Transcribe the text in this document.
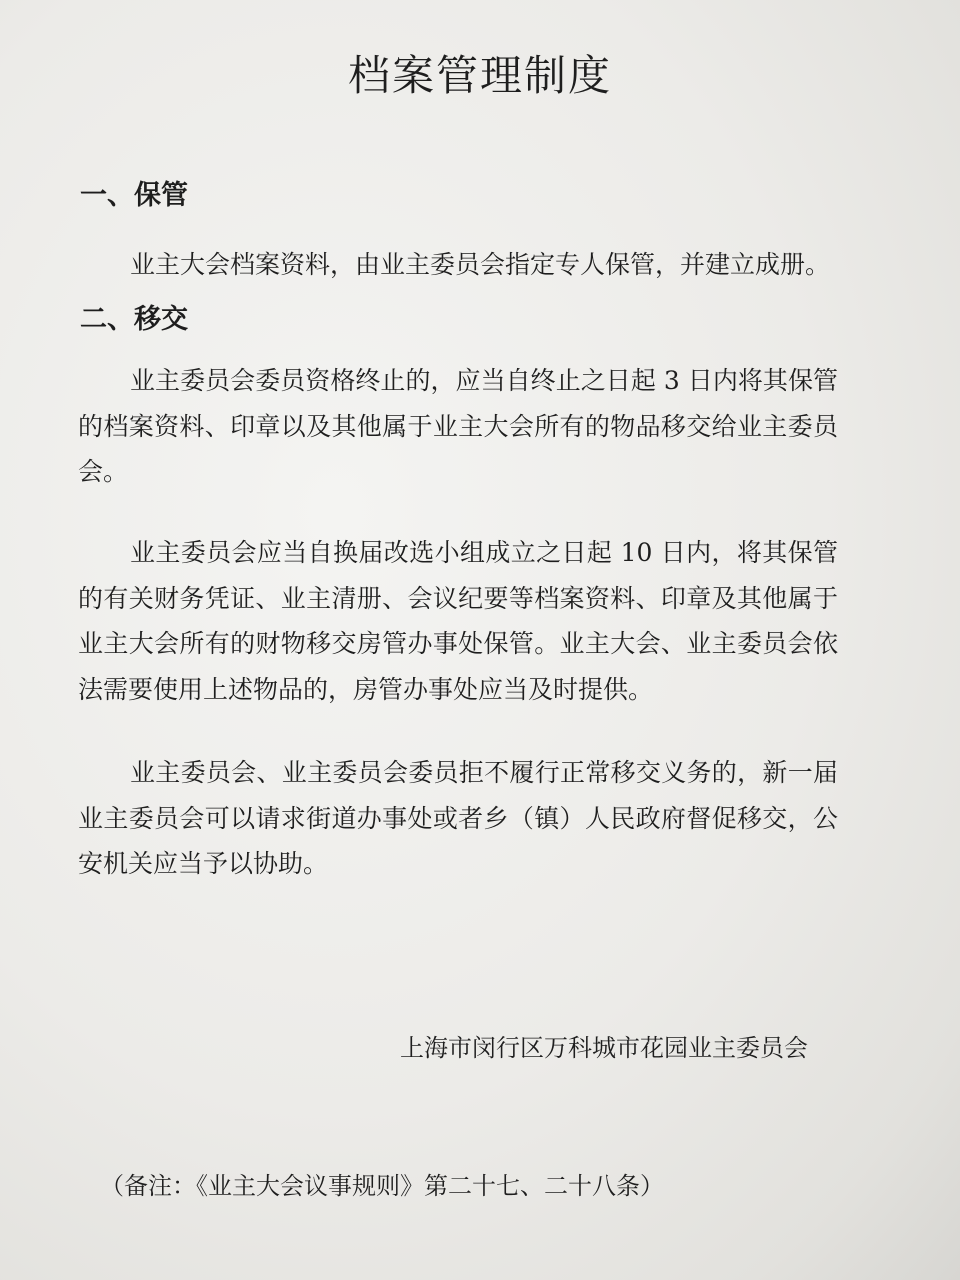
档案管理制度
一、保管
业主大会档案资料，由业主委员会指定专人保管，并建立成册。
二、移交
业主委员会委员资格终止的，应当自终止之日起 3 日内将其保管的档案资料、印章以及其他属于业主大会所有的物品移交给业主委员会。
业主委员会应当自换届改选小组成立之日起 10 日内，将其保管的有关财务凭证、业主清册、会议纪要等档案资料、印章及其他属于业主大会所有的财物移交房管办事处保管。业主大会、业主委员会依法需要使用上述物品的，房管办事处应当及时提供。
业主委员会、业主委员会委员拒不履行正常移交义务的，新一届业主委员会可以请求街道办事处或者乡（镇）人民政府督促移交，公安机关应当予以协助。
上海市闵行区万科城市花园业主委员会
（备注：《业主大会议事规则》第二十七、二十八条）
